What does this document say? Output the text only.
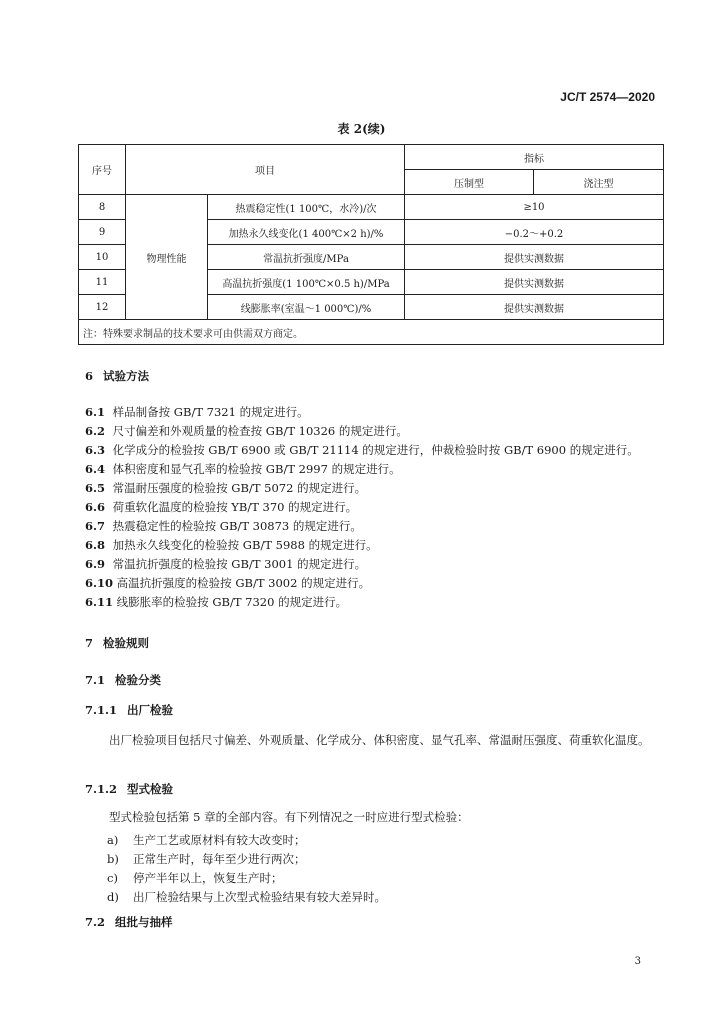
JC/T 2574—2020
表 2(续)
序号	项目		指标	
			压制型	浇注型
8	物理性能	热震稳定性(1 100℃，水冷)/次	≥10	
9		加热永久线变化(1 400℃×2 h)/%	−0.2～+0.2	
10		常温抗折强度/MPa	提供实测数据	
11		高温抗折强度(1 100℃×0.5 h)/MPa	提供实测数据	
12		线膨胀率(室温～1 000℃)/%	提供实测数据	
注：特殊要求制品的技术要求可由供需双方商定。				
6 试验方法
6.1 样品制备按 GB/T 7321 的规定进行。
6.2 尺寸偏差和外观质量的检查按 GB/T 10326 的规定进行。
6.3 化学成分的检验按 GB/T 6900 或 GB/T 21114 的规定进行，仲裁检验时按 GB/T 6900 的规定进行。
6.4 体积密度和显气孔率的检验按 GB/T 2997 的规定进行。
6.5 常温耐压强度的检验按 GB/T 5072 的规定进行。
6.6 荷重软化温度的检验按 YB/T 370 的规定进行。
6.7 热震稳定性的检验按 GB/T 30873 的规定进行。
6.8 加热永久线变化的检验按 GB/T 5988 的规定进行。
6.9 常温抗折强度的检验按 GB/T 3001 的规定进行。
6.10 高温抗折强度的检验按 GB/T 3002 的规定进行。
6.11 线膨胀率的检验按 GB/T 7320 的规定进行。
7 检验规则
7.1 检验分类
7.1.1 出厂检验
出厂检验项目包括尺寸偏差、外观质量、化学成分、体积密度、显气孔率、常温耐压强度、荷重软化温度。
7.1.2 型式检验
型式检验包括第 5 章的全部内容。有下列情况之一时应进行型式检验：
a) 生产工艺或原材料有较大改变时；
b) 正常生产时，每年至少进行两次；
c) 停产半年以上，恢复生产时；
d) 出厂检验结果与上次型式检验结果有较大差异时。
7.2 组批与抽样
3
